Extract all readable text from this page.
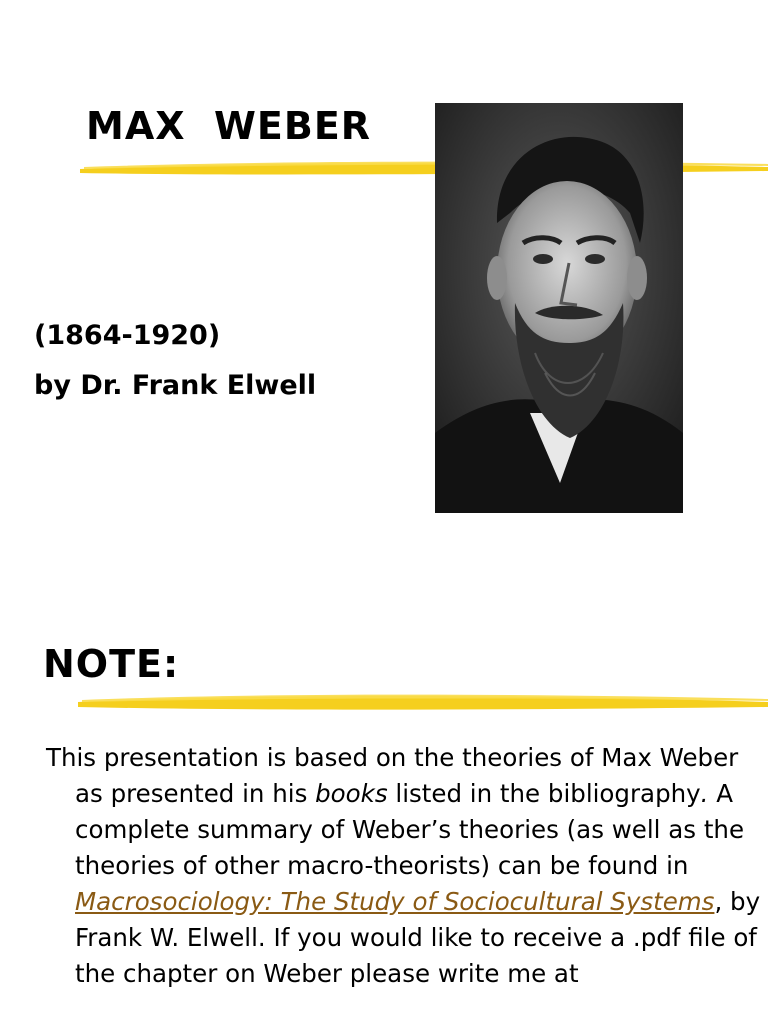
MAX  WEBER
(1864-1920)
by Dr. Frank Elwell
NOTE:

This presentation is based on the theories of Max Weber as presented in his books listed in the bibliography. A complete summary of Weber’s theories (as well as the theories of other macro-theorists) can be found in Macrosociology: The Study of Sociocultural Systems, by Frank W. Elwell. If you would like to receive a .pdf file of the chapter on Weber please write me at
